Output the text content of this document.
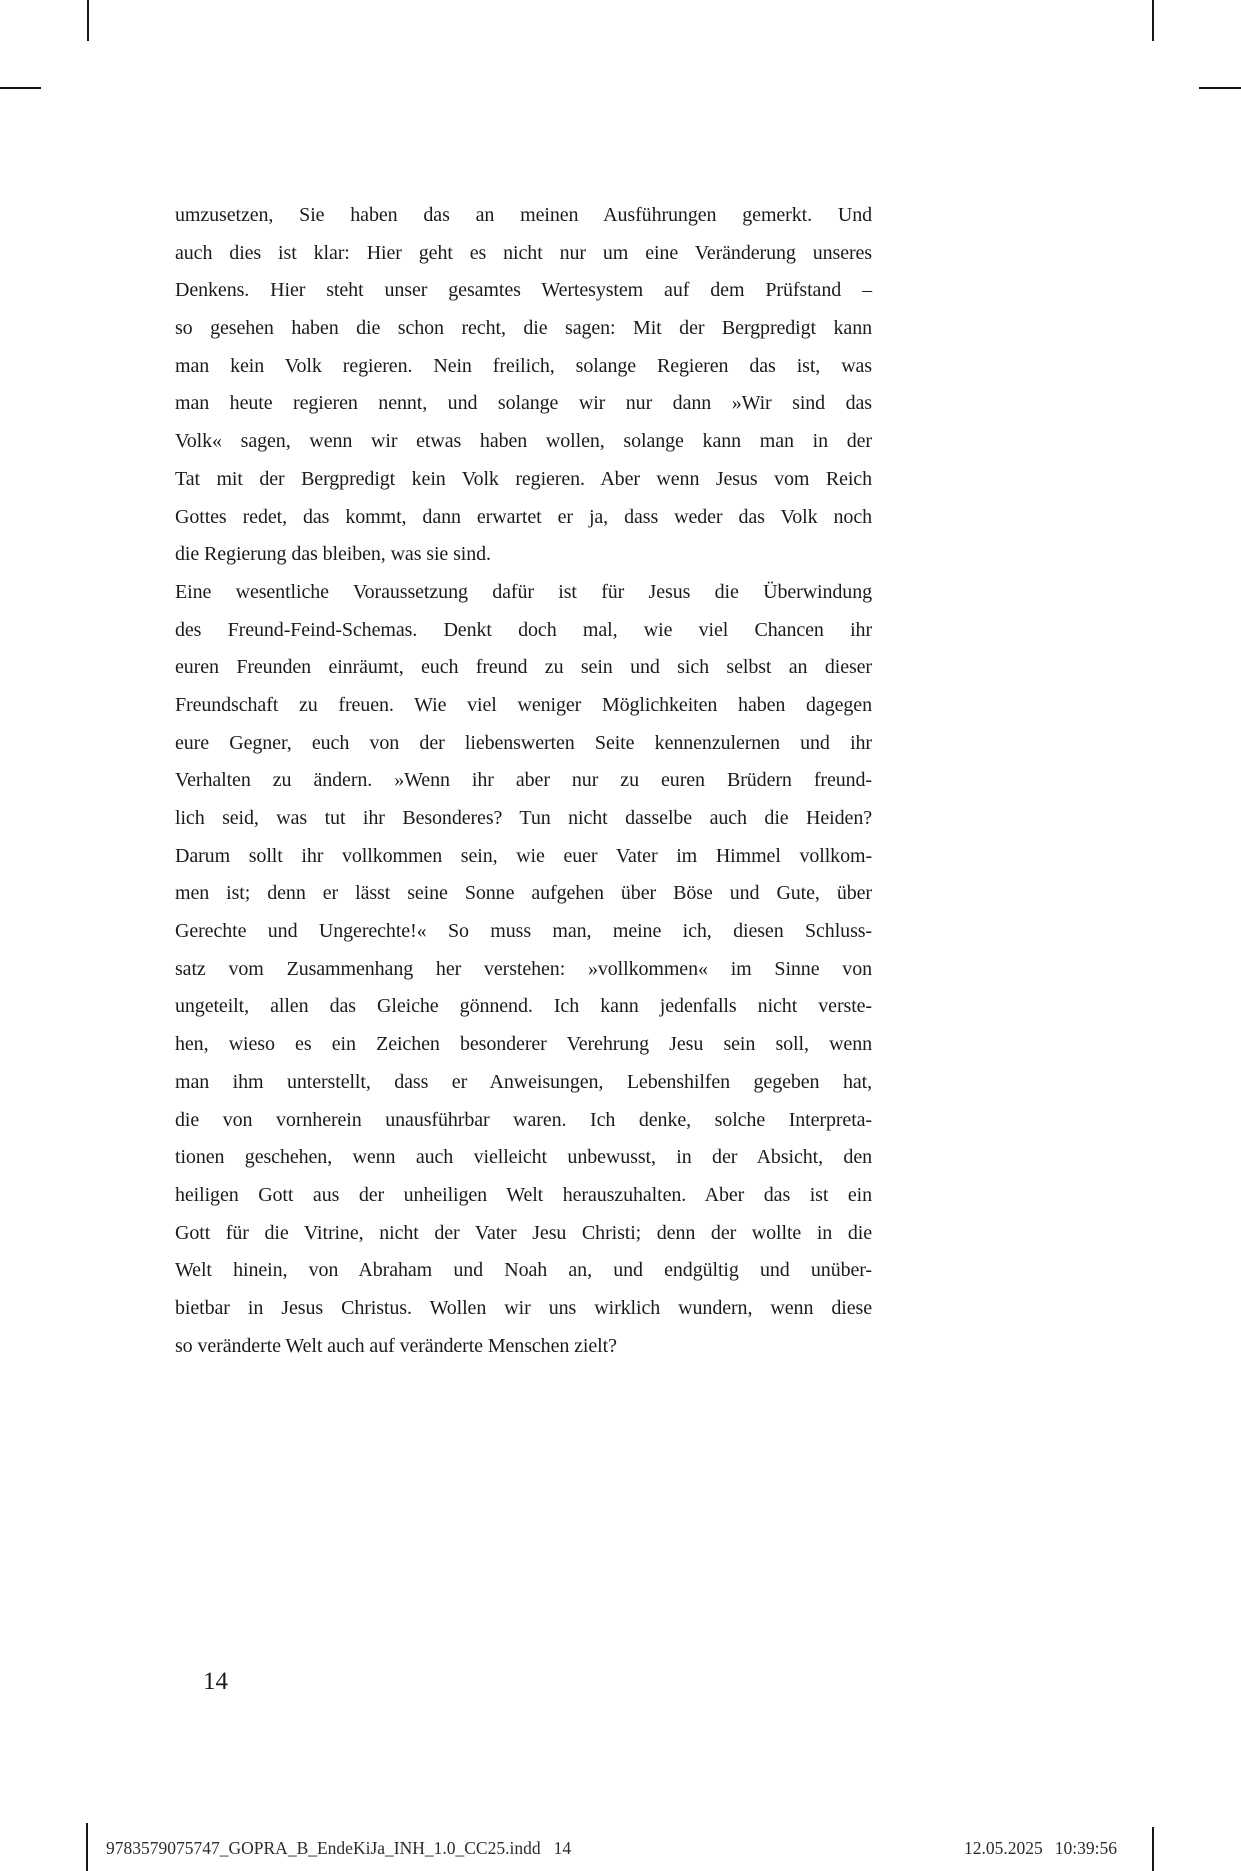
umzusetzen, Sie haben das an meinen Ausführungen gemerkt. Und
auch dies ist klar: Hier geht es nicht nur um eine Veränderung unseres
Denkens. Hier steht unser gesamtes Wertesystem auf dem Prüfstand –
so gesehen haben die schon recht, die sagen: Mit der Bergpredigt kann
man kein Volk regieren. Nein freilich, solange Regieren das ist, was
man heute regieren nennt, und solange wir nur dann »Wir sind das
Volk« sagen, wenn wir etwas haben wollen, solange kann man in der
Tat mit der Bergpredigt kein Volk regieren. Aber wenn Jesus vom Reich
Gottes redet, das kommt, dann erwartet er ja, dass weder das Volk noch
die Regierung das bleiben, was sie sind.
Eine wesentliche Voraussetzung dafür ist für Jesus die Überwindung
des Freund-Feind-Schemas. Denkt doch mal, wie viel Chancen ihr
euren Freunden einräumt, euch freund zu sein und sich selbst an dieser
Freundschaft zu freuen. Wie viel weniger Möglichkeiten haben dagegen
eure Gegner, euch von der liebenswerten Seite kennenzulernen und ihr
Verhalten zu ändern. »Wenn ihr aber nur zu euren Brüdern freund-
lich seid, was tut ihr Besonderes? Tun nicht dasselbe auch die Heiden?
Darum sollt ihr vollkommen sein, wie euer Vater im Himmel vollkom-
men ist; denn er lässt seine Sonne aufgehen über Böse und Gute, über
Gerechte und Ungerechte!« So muss man, meine ich, diesen Schluss-
satz vom Zusammenhang her verstehen: »vollkommen« im Sinne von
ungeteilt, allen das Gleiche gönnend. Ich kann jedenfalls nicht verste-
hen, wieso es ein Zeichen besonderer Verehrung Jesu sein soll, wenn
man ihm unterstellt, dass er Anweisungen, Lebenshilfen gegeben hat,
die von vornherein unausführbar waren. Ich denke, solche Interpreta-
tionen geschehen, wenn auch vielleicht unbewusst, in der Absicht, den
heiligen Gott aus der unheiligen Welt herauszuhalten. Aber das ist ein
Gott für die Vitrine, nicht der Vater Jesu Christi; denn der wollte in die
Welt hinein, von Abraham und Noah an, und endgültig und unüber-
bietbar in Jesus Christus. Wollen wir uns wirklich wundern, wenn diese
so veränderte Welt auch auf veränderte Menschen zielt?
14
9783579075747_GOPRA_B_EndeKiJa_INH_1.0_CC25.indd 14	12.05.2025 10:39:56
